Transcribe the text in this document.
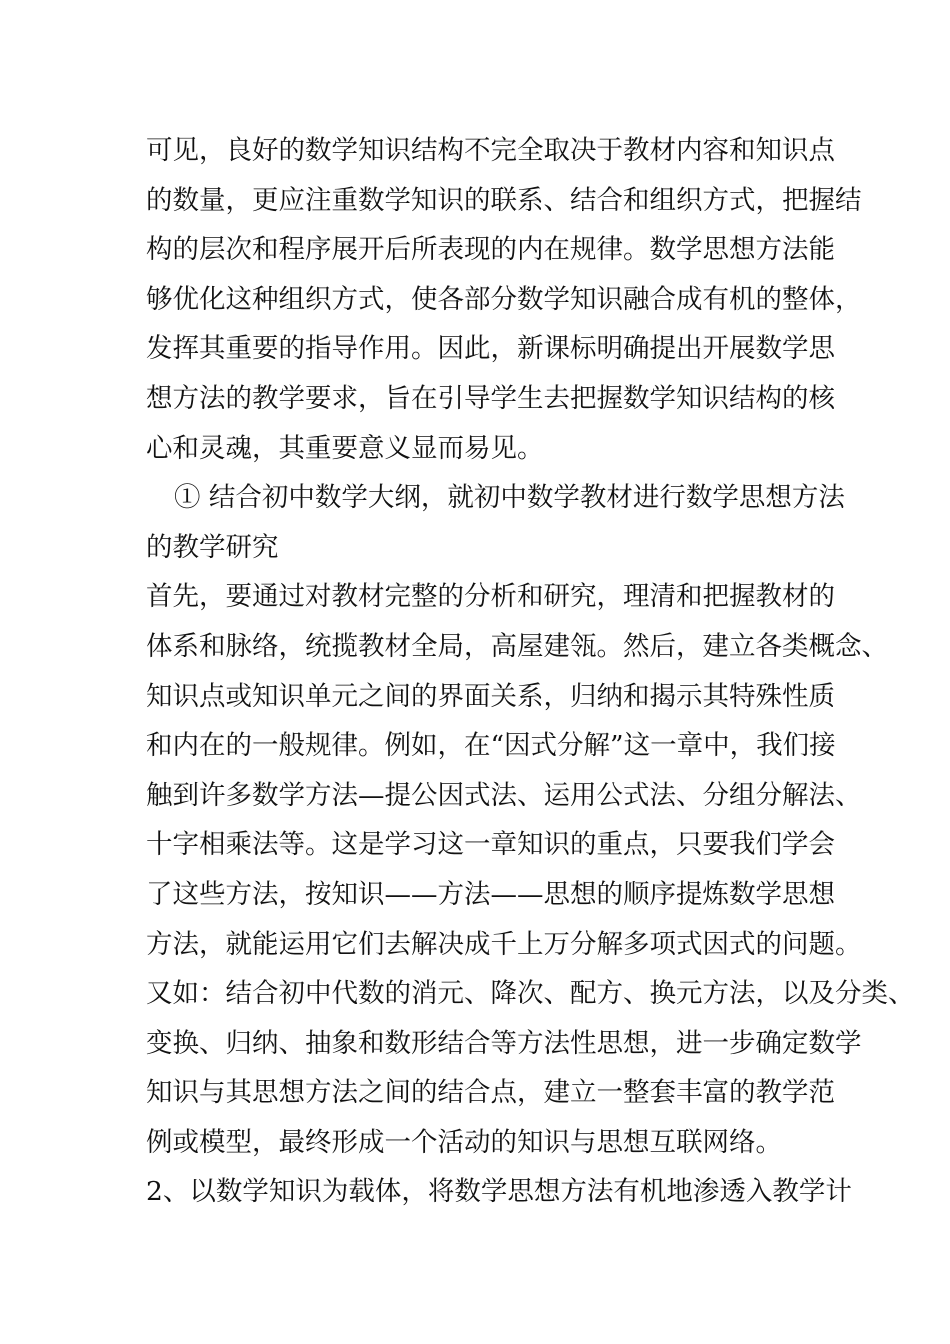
可见，良好的数学知识结构不完全取决于教材内容和知识点
的数量，更应注重数学知识的联系、结合和组织方式，把握结
构的层次和程序展开后所表现的内在规律。数学思想方法能
够优化这种组织方式，使各部分数学知识融合成有机的整体，
发挥其重要的指导作用。因此，新课标明确提出开展数学思
想方法的教学要求，旨在引导学生去把握数学知识结构的核
心和灵魂，其重要意义显而易见。
① 结合初中数学大纲，就初中数学教材进行数学思想方法
的教学研究
首先，要通过对教材完整的分析和研究，理清和把握教材的
体系和脉络，统揽教材全局，高屋建瓴。然后，建立各类概念、
知识点或知识单元之间的界面关系，归纳和揭示其特殊性质
和内在的一般规律。例如，在“因式分解”这一章中，我们接
触到许多数学方法—提公因式法、运用公式法、分组分解法、
十字相乘法等。这是学习这一章知识的重点，只要我们学会
了这些方法，按知识——方法——思想的顺序提炼数学思想
方法，就能运用它们去解决成千上万分解多项式因式的问题。
又如：结合初中代数的消元、降次、配方、换元方法，以及分类、
变换、归纳、抽象和数形结合等方法性思想，进一步确定数学
知识与其思想方法之间的结合点，建立一整套丰富的教学范
例或模型，最终形成一个活动的知识与思想互联网络。
2、以数学知识为载体，将数学思想方法有机地渗透入教学计
